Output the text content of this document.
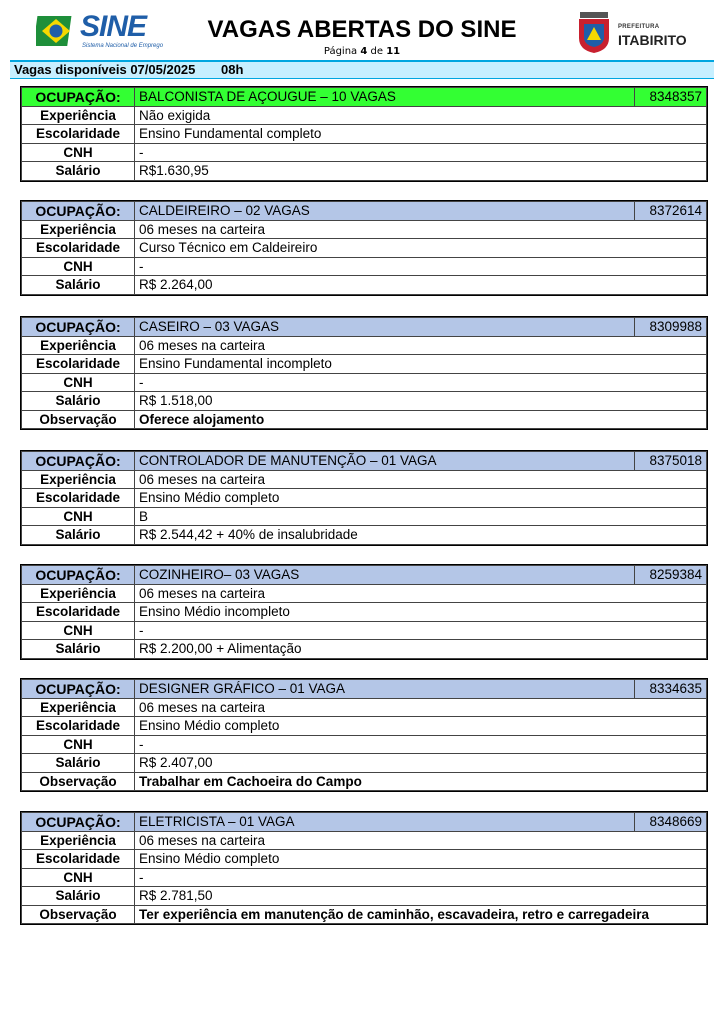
SINE
Sistema Nacional de Emprego
VAGAS ABERTAS DO SINE
Página 4 de 11
PREFEITURA
ITABIRITO
Vagas disponíveis 07/05/2025 08h
OCUPAÇÃO:	BALCONISTA DE AÇOUGUE – 10 VAGAS	8348357
Experiência	Não exigida	
Escolaridade	Ensino Fundamental completo	
CNH	-	
Salário	R$1.630,95	
OCUPAÇÃO:	CALDEIREIRO – 02 VAGAS	8372614
Experiência	06 meses na carteira	
Escolaridade	Curso Técnico em Caldeireiro	
CNH	-	
Salário	R$ 2.264,00	
OCUPAÇÃO:	CASEIRO – 03 VAGAS	8309988
Experiência	06 meses na carteira	
Escolaridade	Ensino Fundamental incompleto	
CNH	-	
Salário	R$ 1.518,00	
Observação	Oferece alojamento	
OCUPAÇÃO:	CONTROLADOR DE MANUTENÇÃO – 01 VAGA	8375018
Experiência	06 meses na carteira	
Escolaridade	Ensino Médio completo	
CNH	B	
Salário	R$ 2.544,42 + 40% de insalubridade	
OCUPAÇÃO:	COZINHEIRO– 03 VAGAS	8259384
Experiência	06 meses na carteira	
Escolaridade	Ensino Médio incompleto	
CNH	-	
Salário	R$ 2.200,00 + Alimentação	
OCUPAÇÃO:	DESIGNER GRÁFICO – 01 VAGA	8334635
Experiência	06 meses na carteira	
Escolaridade	Ensino Médio completo	
CNH	-	
Salário	R$ 2.407,00	
Observação	Trabalhar em Cachoeira do Campo	
OCUPAÇÃO:	ELETRICISTA – 01 VAGA	8348669
Experiência	06 meses na carteira	
Escolaridade	Ensino Médio completo	
CNH	-	
Salário	R$ 2.781,50	
Observação	Ter experiência em manutenção de caminhão, escavadeira, retro e carregadeira	
